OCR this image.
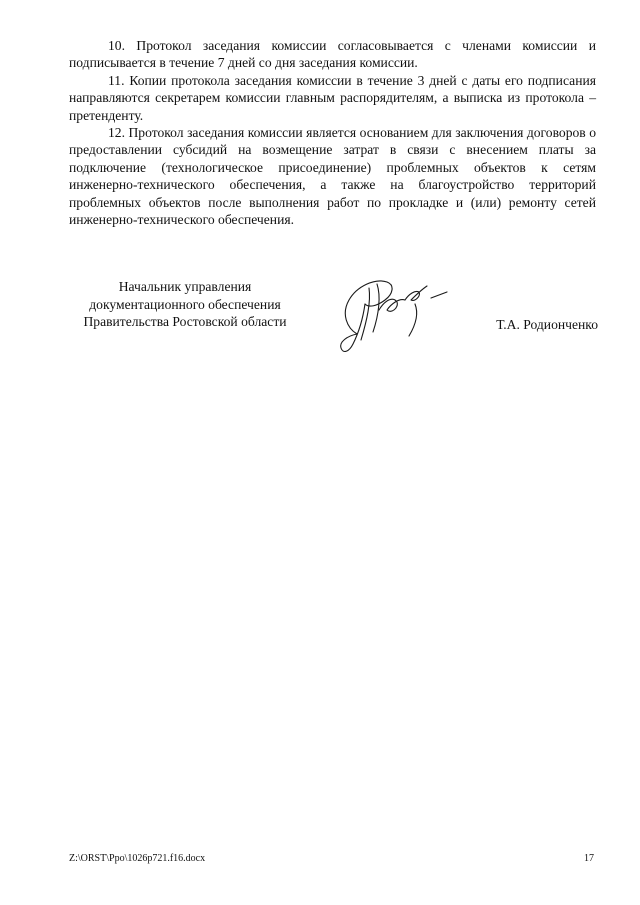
10. Протокол заседания комиссии согласовывается с членами комиссии и подписывается в течение 7 дней со дня заседания комиссии.

11. Копии протокола заседания комиссии в течение 3 дней с даты его подписания направляются секретарем комиссии главным распорядителям, а выписка из протокола – претенденту.

12. Протокол заседания комиссии является основанием для заключения договоров о предоставлении субсидий на возмещение затрат в связи с внесением платы за подключение (технологическое присоединение) проблемных объектов к сетям инженерно-технического обеспечения, а также на благоустройство территорий проблемных объектов после выполнения работ по прокладке и (или) ремонту сетей инженерно-технического обеспечения.

Начальник управления
документационного обеспечения
Правительства Ростовской области	Т.А. Родионченко
Z:\ORST\Ppo\1026p721.f16.docx	17
